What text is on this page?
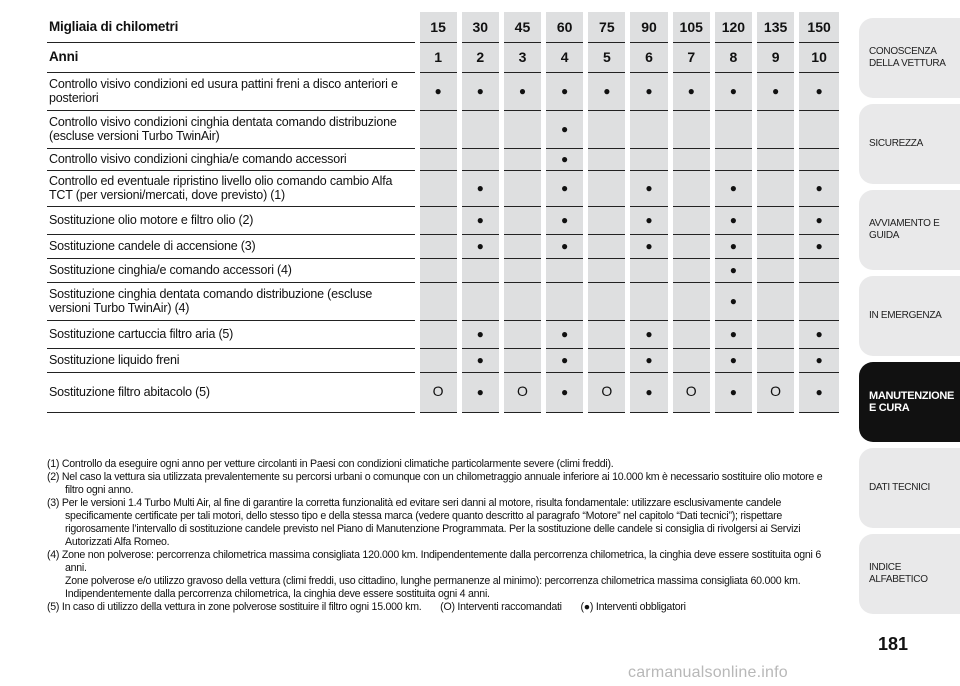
Migliaia di chilometri	15	30	45	60	75	90	105	120	135	150
Anni	1	2	3	4	5	6	7	8	9	10
Controllo visivo condizioni ed usura pattini freni a disco anteriori e posteriori	●	●	●	●	●	●	●	●	●	●
Controllo visivo condizioni cinghia dentata comando distribuzione (escluse versioni Turbo TwinAir)				●						
Controllo visivo condizioni cinghia/e comando accessori				●						
Controllo ed eventuale ripristino livello olio comando cambio Alfa TCT (per versioni/mercati, dove previsto) (1)		●		●		●		●		●
Sostituzione olio motore e filtro olio (2)		●		●		●		●		●
Sostituzione candele di accensione (3)		●		●		●		●		●
Sostituzione cinghia/e comando accessori (4)								●		
Sostituzione cinghia dentata comando distribuzione (escluse versioni Turbo TwinAir) (4)								●		
Sostituzione cartuccia filtro aria (5)		●		●		●		●		●
Sostituzione liquido freni		●		●		●		●		●
Sostituzione filtro abitacolo (5)	O	●	O	●	O	●	O	●	O	●
(1) Controllo da eseguire ogni anno per vetture circolanti in Paesi con condizioni climatiche particolarmente severe (climi freddi).
(2) Nel caso la vettura sia utilizzata prevalentemente su percorsi urbani o comunque con un chilometraggio annuale inferiore ai 10.000 km è necessario sostituire olio motore e filtro ogni anno.
(3) Per le versioni 1.4 Turbo Multi Air, al fine di garantire la corretta funzionalità ed evitare seri danni al motore, risulta fondamentale: utilizzare esclusivamente candele specificamente certificate per tali motori, dello stesso tipo e della stessa marca (vedere quanto descritto al paragrafo “Motore” nel capitolo “Dati tecnici”); rispettare rigorosamente l’intervallo di sostituzione candele previsto nel Piano di Manutenzione Programmata. Per la sostituzione delle candele si consiglia di rivolgersi ai Servizi Autorizzati Alfa Romeo.
(4) Zone non polverose: percorrenza chilometrica massima consigliata 120.000 km. Indipendentemente dalla percorrenza chilometrica, la cinghia deve essere sostituita ogni 6 anni.
Zone polverose e/o utilizzo gravoso della vettura (climi freddi, uso cittadino, lunghe permanenze al minimo): percorrenza chilometrica massima consigliata 60.000 km. Indipendentemente dalla percorrenza chilometrica, la cinghia deve essere sostituita ogni 4 anni.
(5) In caso di utilizzo della vettura in zone polverose sostituire il filtro ogni 15.000 km. (O) Interventi raccomandati (●) Interventi obbligatori
CONOSCENZA DELLA VETTURA
SICUREZZA
AVVIAMENTO E GUIDA
IN EMERGENZA
MANUTENZIONE E CURA
DATI TECNICI
INDICE ALFABETICO
181
carmanualsonline.info
